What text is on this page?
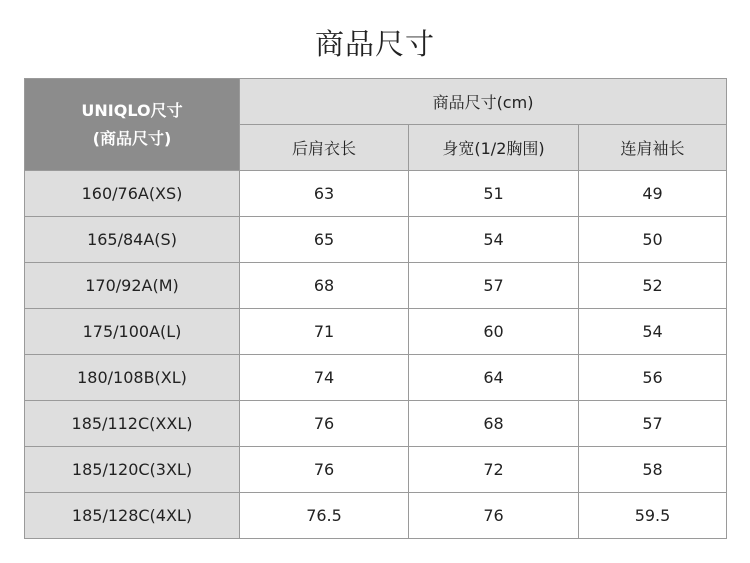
商品尺寸
UNIQLO尺寸
(商品尺寸)	商品尺寸(cm)		
	后肩衣长	身宽(1/2胸围)	连肩袖长
160/76A(XS)	63	51	49
165/84A(S)	65	54	50
170/92A(M)	68	57	52
175/100A(L)	71	60	54
180/108B(XL)	74	64	56
185/112C(XXL)	76	68	57
185/120C(3XL)	76	72	58
185/128C(4XL)	76.5	76	59.5
